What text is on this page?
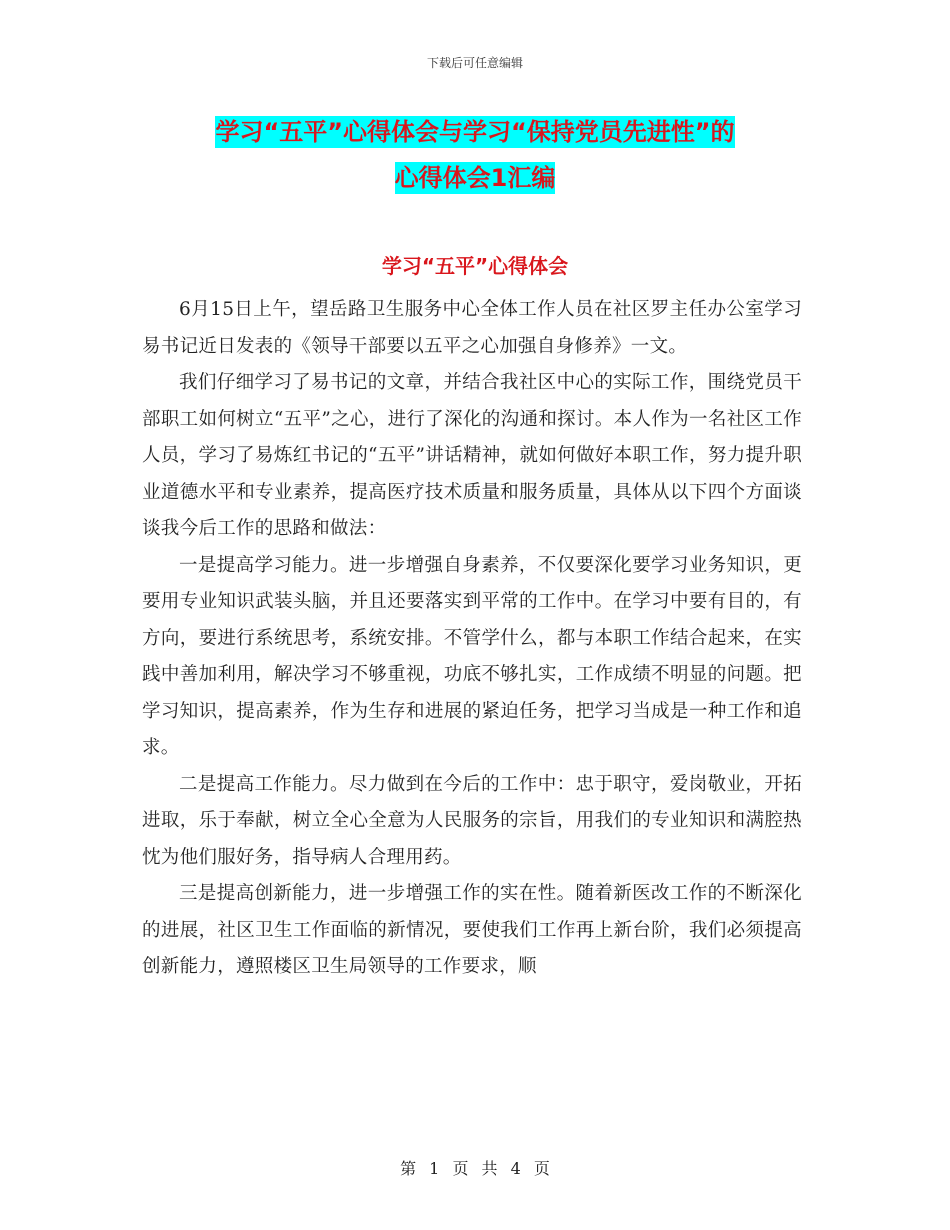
下载后可任意编辑
学习“五平”心得体会与学习“保持党员先进性”的
心得体会1汇编
学习“五平”心得体会

6月15日上午，望岳路卫生服务中心全体工作人员在社区罗主任办公室学习易书记近日发表的《领导干部要以五平之心加强自身修养》一文。

我们仔细学习了易书记的文章，并结合我社区中心的实际工作，围绕党员干部职工如何树立“五平”之心，进行了深化的沟通和探讨。本人作为一名社区工作人员，学习了易炼红书记的“五平”讲话精神，就如何做好本职工作，努力提升职业道德水平和专业素养，提高医疗技术质量和服务质量，具体从以下四个方面谈谈我今后工作的思路和做法：

一是提高学习能力。进一步增强自身素养，不仅要深化要学习业务知识，更要用专业知识武装头脑，并且还要落实到平常的工作中。在学习中要有目的，有方向，要进行系统思考，系统安排。不管学什么，都与本职工作结合起来，在实践中善加利用，解决学习不够重视，功底不够扎实，工作成绩不明显的问题。把学习知识，提高素养，作为生存和进展的紧迫任务，把学习当成是一种工作和追求。

二是提高工作能力。尽力做到在今后的工作中：忠于职守，爱岗敬业，开拓进取，乐于奉献，树立全心全意为人民服务的宗旨，用我们的专业知识和满腔热忱为他们服好务，指导病人合理用药。

三是提高创新能力，进一步增强工作的实在性。随着新医改工作的不断深化的进展，社区卫生工作面临的新情况，要使我们工作再上新台阶，我们必须提高创新能力，遵照楼区卫生局领导的工作要求，顺

第 1 页 共 4 页
